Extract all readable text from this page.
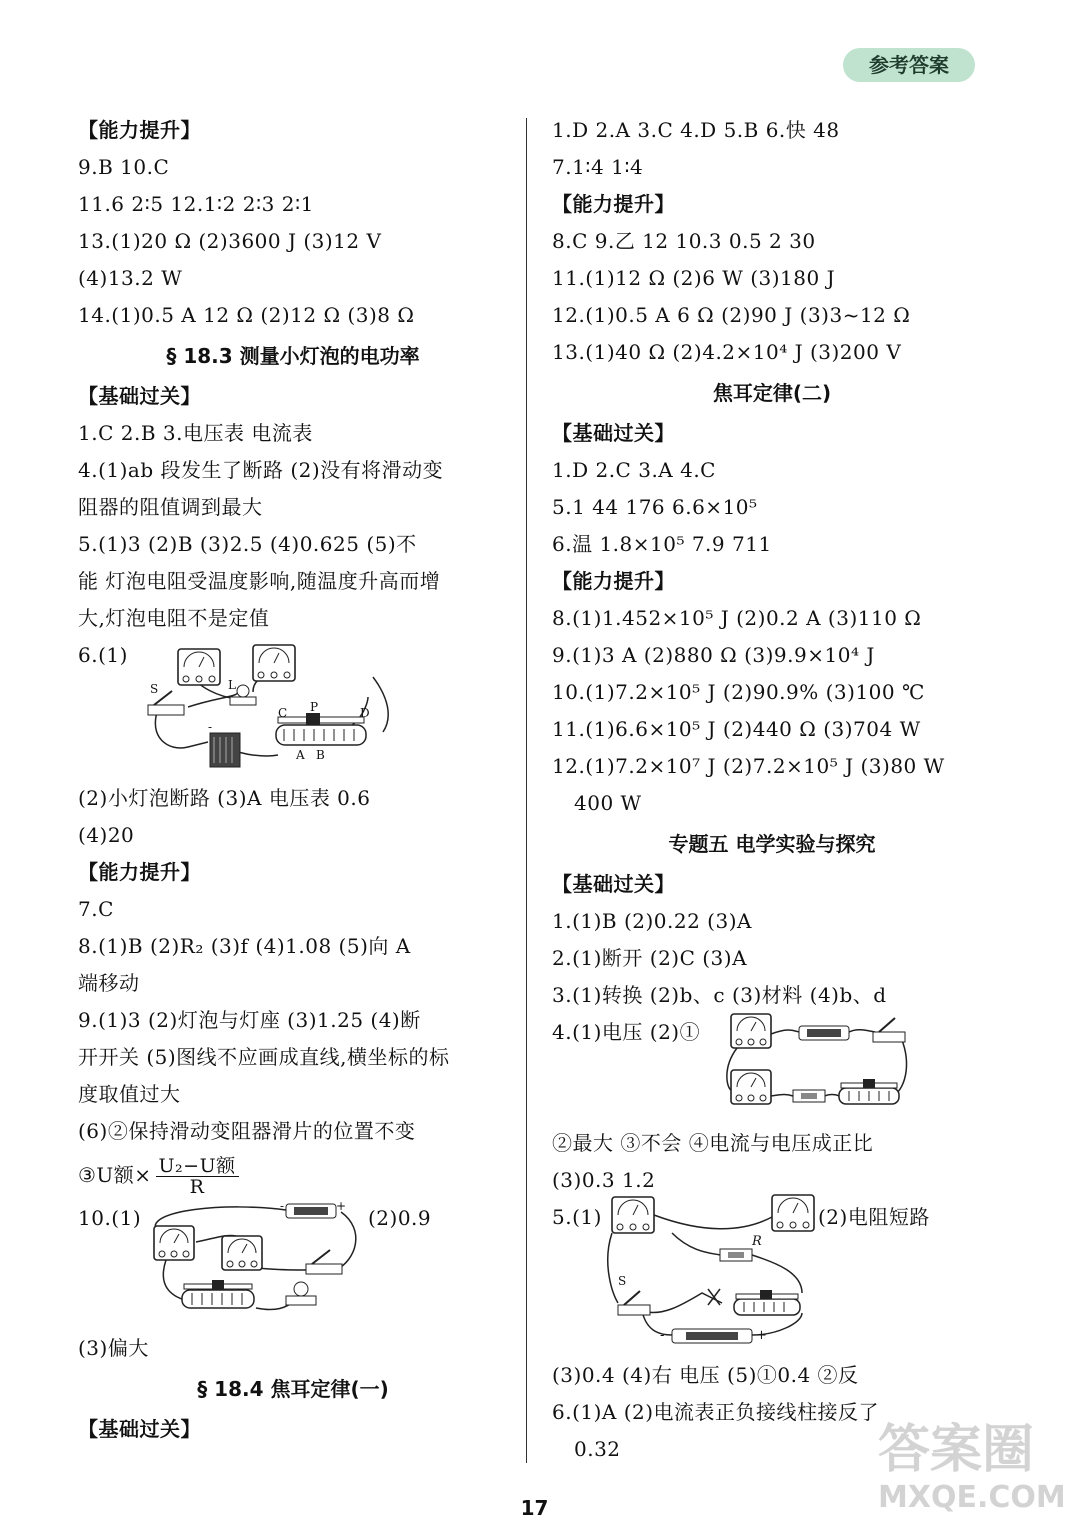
参考答案
【能力提升】
9.B 10.C
11.6 2∶5 12.1∶2 2∶3 2∶1
13.(1)20 Ω (2)3600 J (3)12 V
(4)13.2 W
14.(1)0.5 A 12 Ω (2)12 Ω (3)8 Ω
§ 18.3 测量小灯泡的电功率
【基础过关】
1.C 2.B 3.电压表 电流表
4.(1)ab 段发生了断路 (2)没有将滑动变
阻器的阻值调到最大
5.(1)3 (2)B (3)2.5 (4)0.625 (5)不
能 灯泡电阻受温度影响,随温度升高而增
大,灯泡电阻不是定值
6.(1)
S	L
-
C P	D
A B
(2)小灯泡断路 (3)A 电压表 0.6
(4)20
【能力提升】
7.C
8.(1)B (2)R₂ (3)f (4)1.08 (5)向 A
端移动
9.(1)3 (2)灯泡与灯座 (3)1.25 (4)断
开开关 (5)图线不应画成直线,横坐标的标
度取值过大
(6)②保持滑动变阻器滑片的位置不变
③U额× $\frac{\text{U₂−U额}}{R}$
10.(1)	(2)0.9
-	+
(3)偏大
§ 18.4 焦耳定律(一)
【基础过关】
1.D 2.A 3.C 4.D 5.B 6.快 48
7.1∶4 1∶4
【能力提升】
8.C 9.乙 12 10.3 0.5 2 30
11.(1)12 Ω (2)6 W (3)180 J
12.(1)0.5 A 6 Ω (2)90 J (3)3~12 Ω
13.(1)40 Ω (2)4.2×10⁴ J (3)200 V
焦耳定律(二)
【基础过关】
1.D 2.C 3.A 4.C
5.1 44 176 6.6×10⁵
6.温 1.8×10⁵ 7.9 711
【能力提升】
8.(1)1.452×10⁵ J (2)0.2 A (3)110 Ω
9.(1)3 A (2)880 Ω (3)9.9×10⁴ J
10.(1)7.2×10⁵ J (2)90.9% (3)100 ℃
11.(1)6.6×10⁵ J (2)440 Ω (3)704 W
12.(1)7.2×10⁷ J (2)7.2×10⁵ J (3)80 W
400 W
专题五 电学实验与探究
【基础过关】
1.(1)B (2)0.22 (3)A
2.(1)断开 (2)C (3)A
3.(1)转换 (2)b、c (3)材料 (4)b、d
4.(1)电压 (2)①
②最大 ③不会 ④电流与电压成正比
(3)0.3 1.2
5.(1)	(2)电阻短路
R
S
-	+
(3)0.4 (4)右 电压 (5)①0.4 ②反
6.(1)A (2)电流表正负接线柱接反了
0.32
17
答案圈
MXQE.COM
